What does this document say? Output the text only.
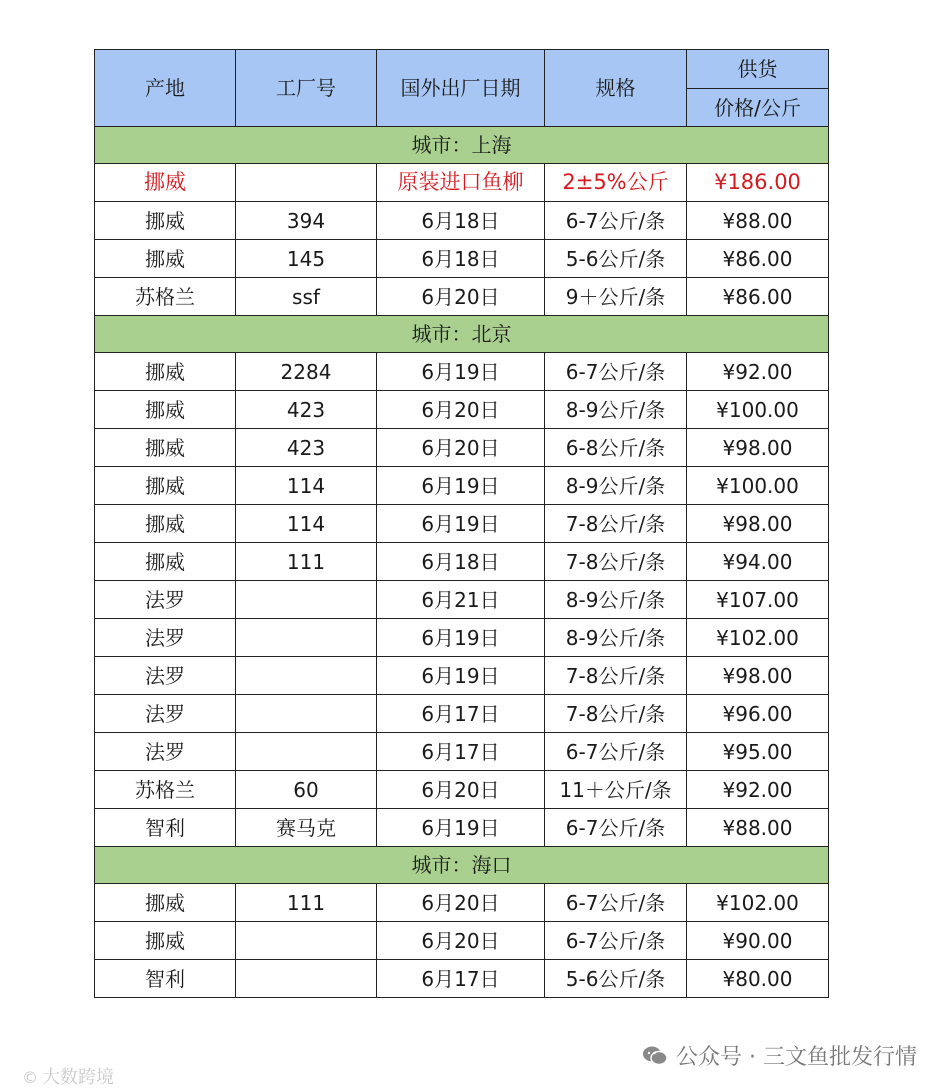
产地	工厂号	国外出厂日期	规格	供货
				价格/公斤
城市：上海				
挪威		原装进口鱼柳	2±5%公斤	¥186.00
挪威	394	6月18日	6-7公斤/条	¥88.00
挪威	145	6月18日	5-6公斤/条	¥86.00
苏格兰	ssf	6月20日	9＋公斤/条	¥86.00
城市：北京				
挪威	2284	6月19日	6-7公斤/条	¥92.00
挪威	423	6月20日	8-9公斤/条	¥100.00
挪威	423	6月20日	6-8公斤/条	¥98.00
挪威	114	6月19日	8-9公斤/条	¥100.00
挪威	114	6月19日	7-8公斤/条	¥98.00
挪威	111	6月18日	7-8公斤/条	¥94.00
法罗		6月21日	8-9公斤/条	¥107.00
法罗		6月19日	8-9公斤/条	¥102.00
法罗		6月19日	7-8公斤/条	¥98.00
法罗		6月17日	7-8公斤/条	¥96.00
法罗		6月17日	6-7公斤/条	¥95.00
苏格兰	60	6月20日	11＋公斤/条	¥92.00
智利	赛马克	6月19日	6-7公斤/条	¥88.00
城市：海口				
挪威	111	6月20日	6-7公斤/条	¥102.00
挪威		6月20日	6-7公斤/条	¥90.00
智利		6月17日	5-6公斤/条	¥80.00
© 大数跨境
公众号 · 三文鱼批发行情
